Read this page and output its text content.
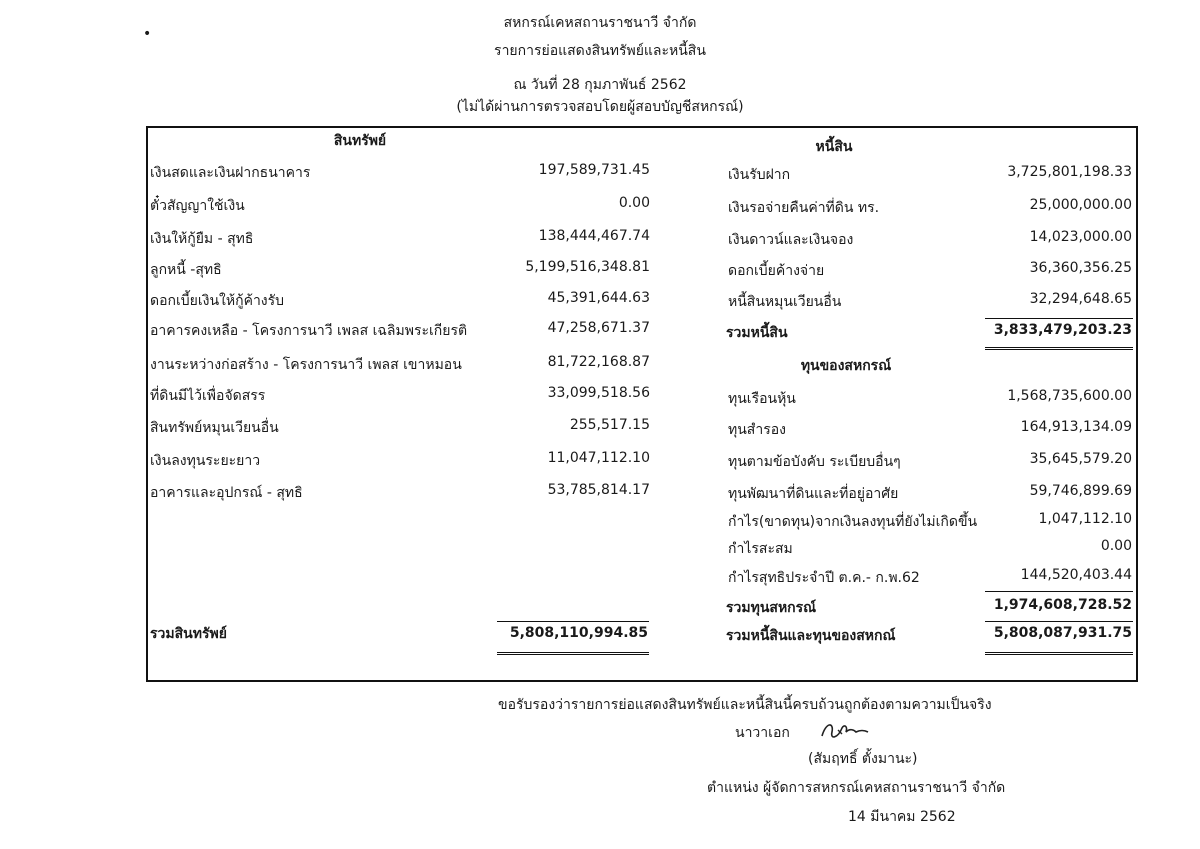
สหกรณ์เคหสถานราชนาวี จำกัด
รายการย่อแสดงสินทรัพย์และหนี้สิน
ณ วันที่ 28 กุมภาพันธ์ 2562
(ไม่ได้ผ่านการตรวจสอบโดยผู้สอบบัญชีสหกรณ์)
•
สินทรัพย์	หนี้สิน
เงินสดและเงินฝากธนาคาร	197,589,731.45
ตั๋วสัญญาใช้เงิน	0.00
เงินให้กู้ยืม - สุทธิ	138,444,467.74
ลูกหนี้ -สุทธิ	5,199,516,348.81
ดอกเบี้ยเงินให้กู้ค้างรับ	45,391,644.63
อาคารคงเหลือ - โครงการนาวี เพลส เฉลิมพระเกียรติ	47,258,671.37
งานระหว่างก่อสร้าง - โครงการนาวี เพลส เขาหมอน	81,722,168.87
ที่ดินมีไว้เพื่อจัดสรร	33,099,518.56
สินทรัพย์หมุนเวียนอื่น	255,517.15
เงินลงทุนระยะยาว	11,047,112.10
อาคารและอุปกรณ์ - สุทธิ	53,785,814.17
เงินรับฝาก	3,725,801,198.33
เงินรอจ่ายคืนค่าที่ดิน ทร.	25,000,000.00
เงินดาวน์และเงินจอง	14,023,000.00
ดอกเบี้ยค้างจ่าย	36,360,356.25
หนี้สินหมุนเวียนอื่น	32,294,648.65
รวมหนี้สิน	3,833,479,203.23
ทุนของสหกรณ์
ทุนเรือนหุ้น	1,568,735,600.00
ทุนสำรอง	164,913,134.09
ทุนตามข้อบังคับ ระเบียบอื่นๆ	35,645,579.20
ทุนพัฒนาที่ดินและที่อยู่อาศัย	59,746,899.69
กำไร(ขาดทุน)จากเงินลงทุนที่ยังไม่เกิดขึ้น	1,047,112.10
กำไรสะสม	0.00
กำไรสุทธิประจำปี ต.ค.- ก.พ.62	144,520,403.44
รวมทุนสหกรณ์	1,974,608,728.52
รวมสินทรัพย์	5,808,110,994.85	รวมหนี้สินและทุนของสหกณ์	5,808,087,931.75
ขอรับรองว่ารายการย่อแสดงสินทรัพย์และหนี้สินนี้ครบถ้วนถูกต้องตามความเป็นจริง
นาวาเอก
(สัมฤทธิ์ ตั้งมานะ)
ตำแหน่ง ผู้จัดการสหกรณ์เคหสถานราชนาวี จำกัด
14 มีนาคม 2562
